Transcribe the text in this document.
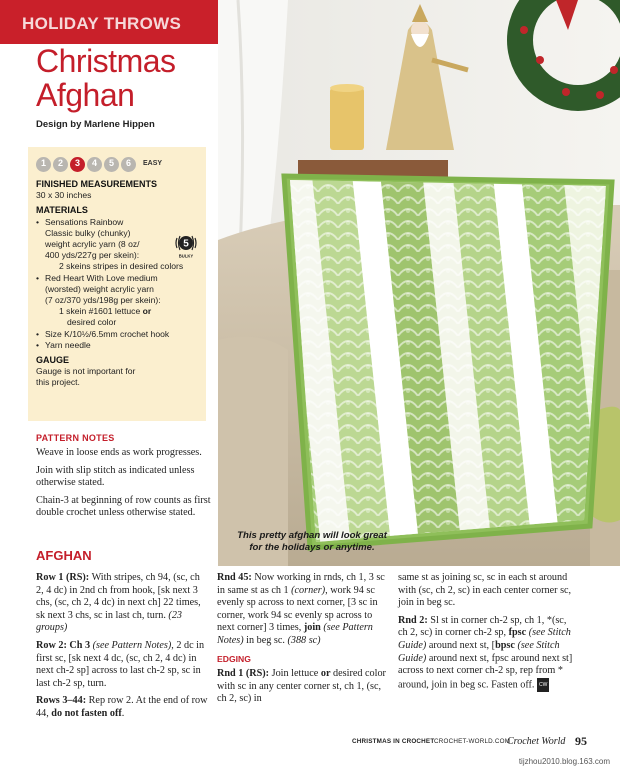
HOLIDAY THROWS
Christmas
Afghan
Design by Marlene Hippen
1	2	3	4	5	6	EASY
FINISHED MEASUREMENTS
30 x 30 inches
MATERIALS
• Sensations Rainbow
Classic bulky (chunky)
weight acrylic yarn (8 oz/
400 yds/227g per skein):
2 skeins stripes in desired colors
• Red Heart With Love medium
(worsted) weight acrylic yarn
(7 oz/370 yds/198g per skein):
1 skein #1601 lettuce or
desired color
• Size K/10½/6.5mm crochet hook
• Yarn needle
GAUGE
Gauge is not important for
this project.
5
BULKY
PATTERN NOTES

Weave in loose ends as work progresses.

Join with slip stitch as indicated unless otherwise stated.

Chain-3 at beginning of row counts as first double crochet unless otherwise stated.

This pretty afghan will look great
for the holidays or anytime.
AFGHAN

Row 1 (RS): With stripes, ch 94, (sc, ch 2, 4 dc) in 2nd ch from hook, [sk next 3 chs, (sc, ch 2, 4 dc) in next ch] 22 times, sk next 3 chs, sc in last ch, turn. (23 groups)

Row 2: Ch 3 (see Pattern Notes), 2 dc in first sc, [sk next 4 dc, (sc, ch 2, 4 dc) in next ch-2 sp] across to last ch-2 sp, sc in last ch-2 sp, turn.

Rows 3–44: Rep row 2. At the end of row 44, do not fasten off.

Rnd 45: Now working in rnds, ch 1, 3 sc in same st as ch 1 (corner), work 94 sc evenly sp across to next corner, [3 sc in corner, work 94 sc evenly sp across to next corner] 3 times, join (see Pattern Notes) in beg sc. (388 sc)

EDGING

Rnd 1 (RS): Join lettuce or desired color with sc in any center corner st, ch 1, (sc, ch 2, sc) in

same st as joining sc, sc in each st around with (sc, ch 2, sc) in each center corner sc, join in beg sc.

Rnd 2: Sl st in corner ch-2 sp, ch 1, *(sc, ch 2, sc) in corner ch-2 sp, fpsc (see Stitch Guide) around next st, [bpsc (see Stitch Guide) around next st, fpsc around next st] across to next corner ch-2 sp, rep from * around, join in beg sc. Fasten off. CW

CHRISTMAS IN CROCHET CROCHET-WORLD.COM
Crochet World 95
tijzhou2010.blog.163.com
